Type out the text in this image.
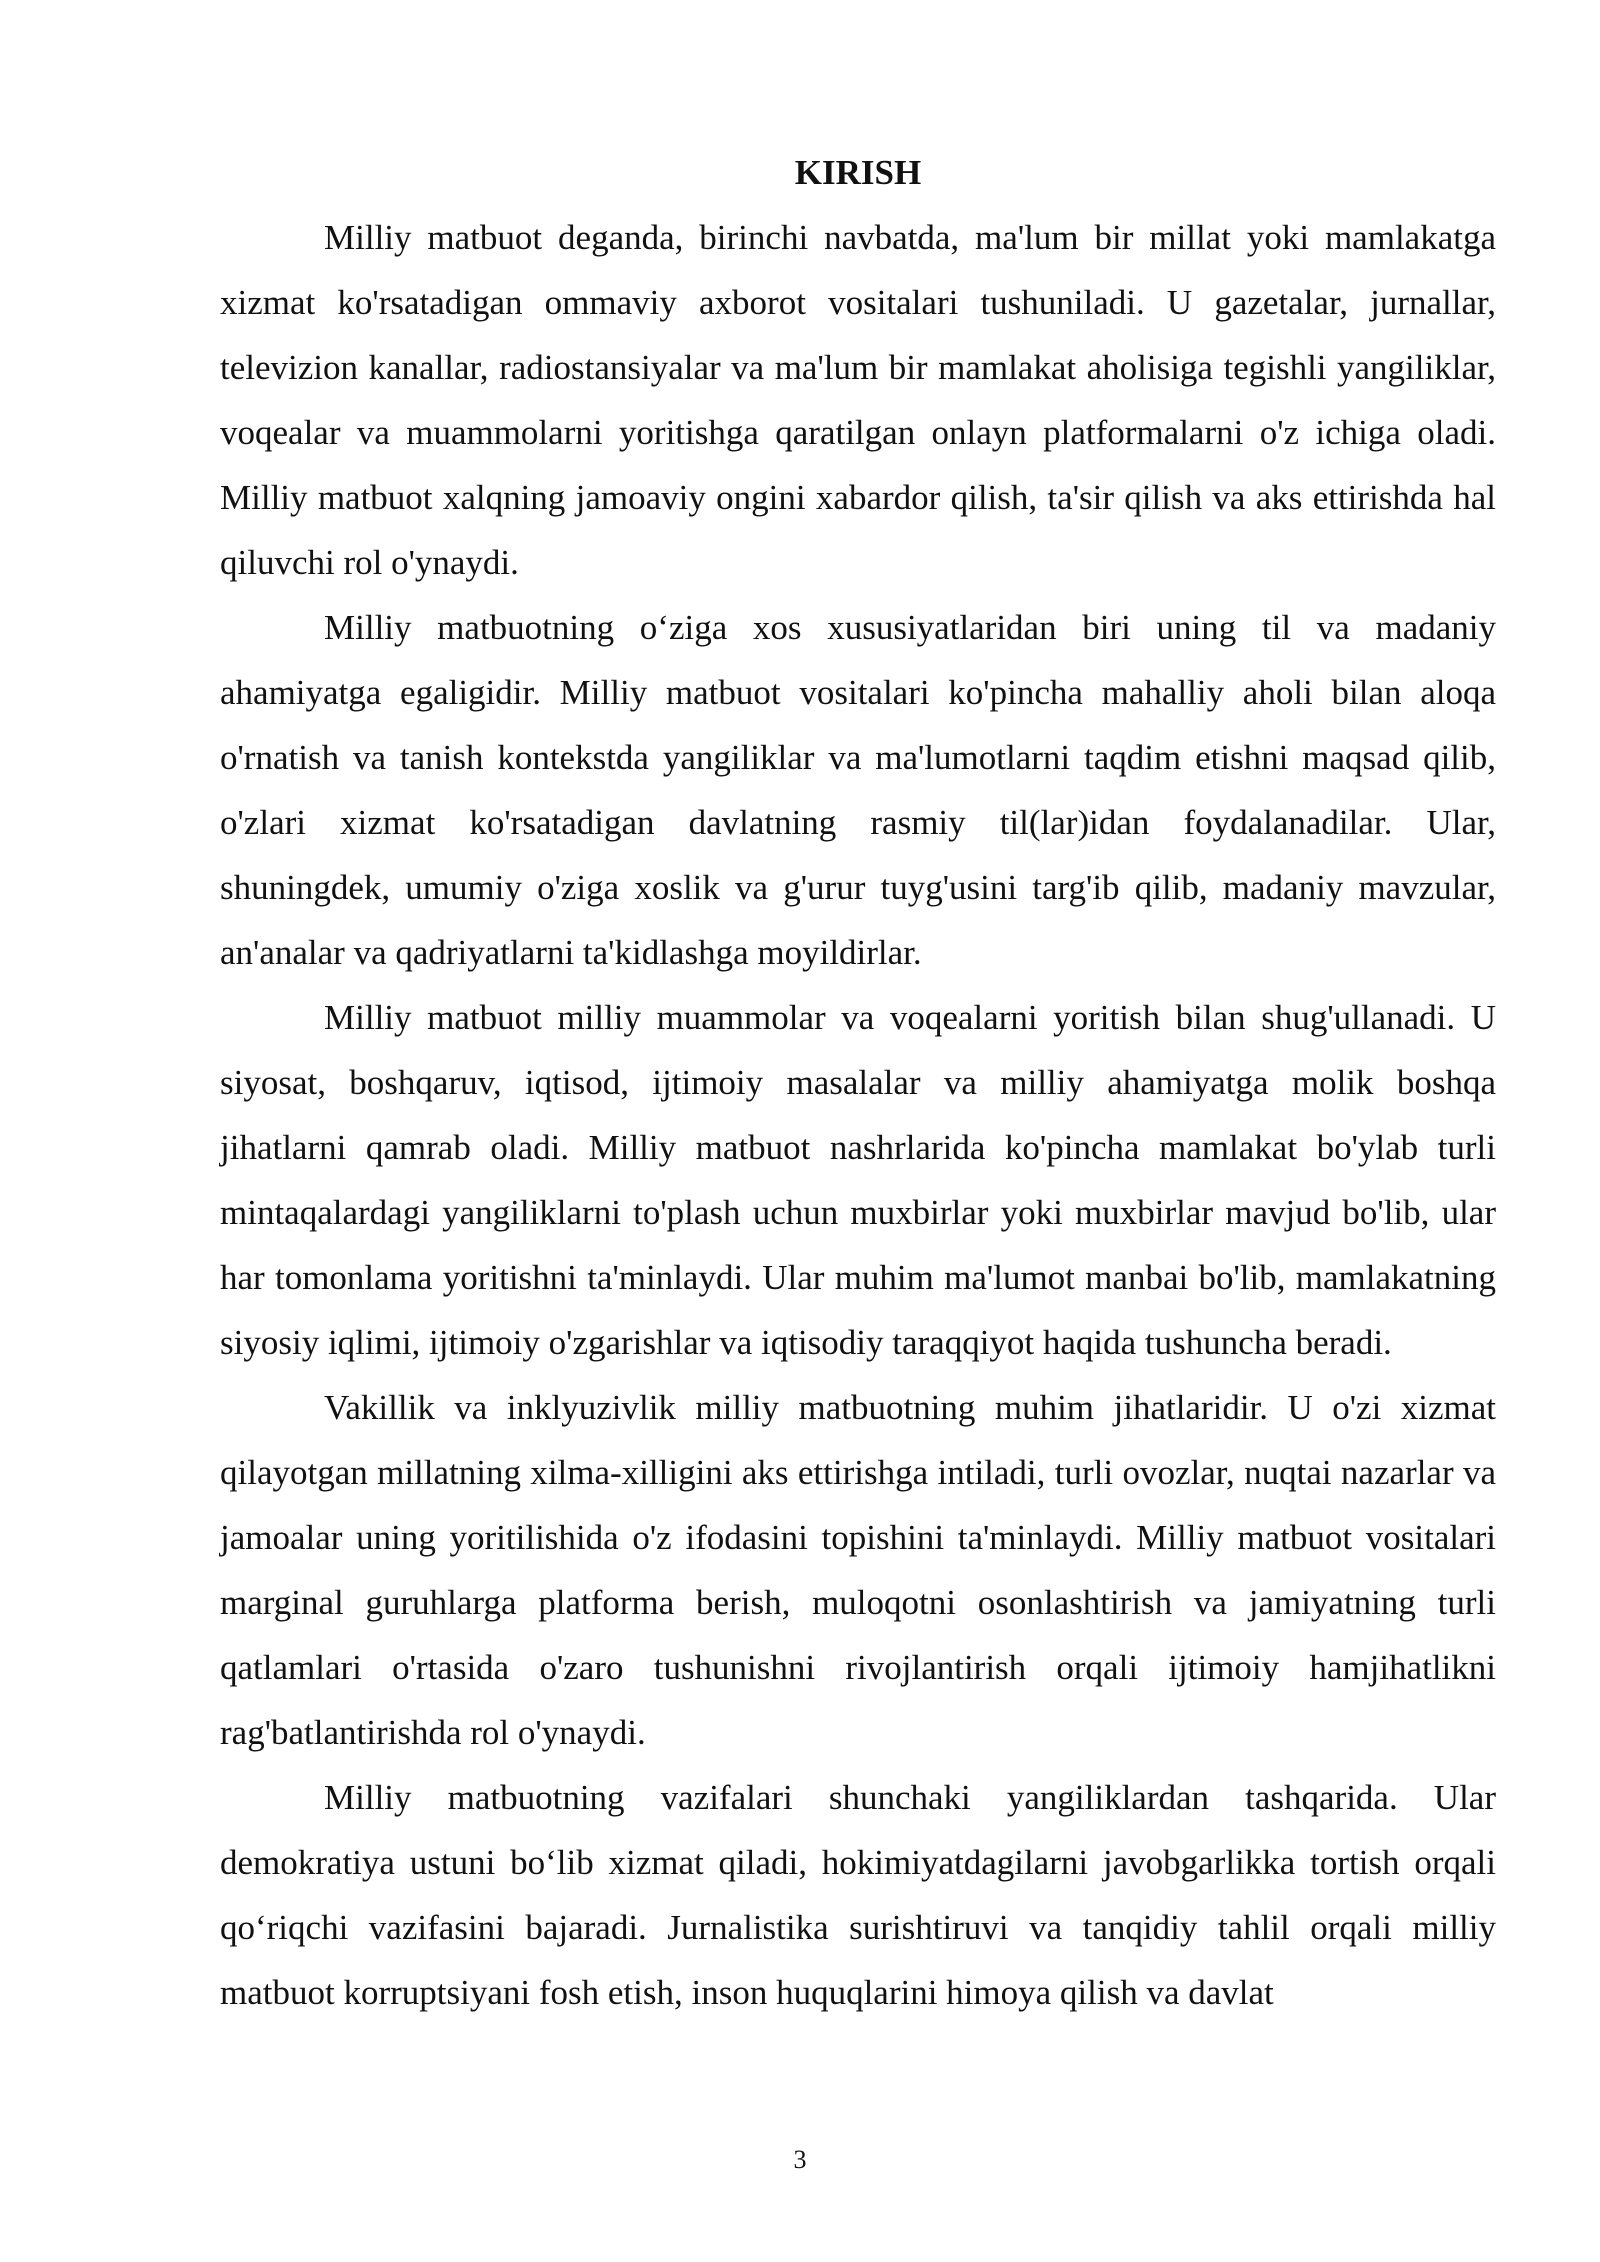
KIRISH

Milliy matbuot deganda, birinchi navbatda, ma'lum bir millat yoki mamlakatga xizmat ko'rsatadigan ommaviy axborot vositalari tushuniladi. U gazetalar, jurnallar, televizion kanallar, radiostansiyalar va ma'lum bir mamlakat aholisiga tegishli yangiliklar, voqealar va muammolarni yoritishga qaratilgan onlayn platformalarni o'z ichiga oladi. Milliy matbuot xalqning jamoaviy ongini xabardor qilish, ta'sir qilish va aks ettirishda hal qiluvchi rol o'ynaydi.

Milliy matbuotning o‘ziga xos xususiyatlaridan biri uning til va madaniy ahamiyatga egaligidir. Milliy matbuot vositalari ko'pincha mahalliy aholi bilan aloqa o'rnatish va tanish kontekstda yangiliklar va ma'lumotlarni taqdim etishni maqsad qilib, o'zlari xizmat ko'rsatadigan davlatning rasmiy til(lar)idan foydalanadilar. Ular, shuningdek, umumiy o'ziga xoslik va g'urur tuyg'usini targ'ib qilib, madaniy mavzular, an'analar va qadriyatlarni ta'kidlashga moyildirlar.

Milliy matbuot milliy muammolar va voqealarni yoritish bilan shug'ullanadi. U siyosat, boshqaruv, iqtisod, ijtimoiy masalalar va milliy ahamiyatga molik boshqa jihatlarni qamrab oladi. Milliy matbuot nashrlarida ko'pincha mamlakat bo'ylab turli mintaqalardagi yangiliklarni to'plash uchun muxbirlar yoki muxbirlar mavjud bo'lib, ular har tomonlama yoritishni ta'minlaydi. Ular muhim ma'lumot manbai bo'lib, mamlakatning siyosiy iqlimi, ijtimoiy o'zgarishlar va iqtisodiy taraqqiyot haqida tushuncha beradi.

Vakillik va inklyuzivlik milliy matbuotning muhim jihatlaridir. U o'zi xizmat qilayotgan millatning xilma-xilligini aks ettirishga intiladi, turli ovozlar, nuqtai nazarlar va jamoalar uning yoritilishida o'z ifodasini topishini ta'minlaydi. Milliy matbuot vositalari marginal guruhlarga platforma berish, muloqotni osonlashtirish va jamiyatning turli qatlamlari o'rtasida o'zaro tushunishni rivojlantirish orqali ijtimoiy hamjihatlikni rag'batlantirishda rol o'ynaydi.

Milliy matbuotning vazifalari shunchaki yangiliklardan tashqarida. Ular demokratiya ustuni bo‘lib xizmat qiladi, hokimiyatdagilarni javobgarlikka tortish orqali qo‘riqchi vazifasini bajaradi. Jurnalistika surishtiruvi va tanqidiy tahlil orqali milliy matbuot korruptsiyani fosh etish, inson huquqlarini himoya qilish va davlat

3
